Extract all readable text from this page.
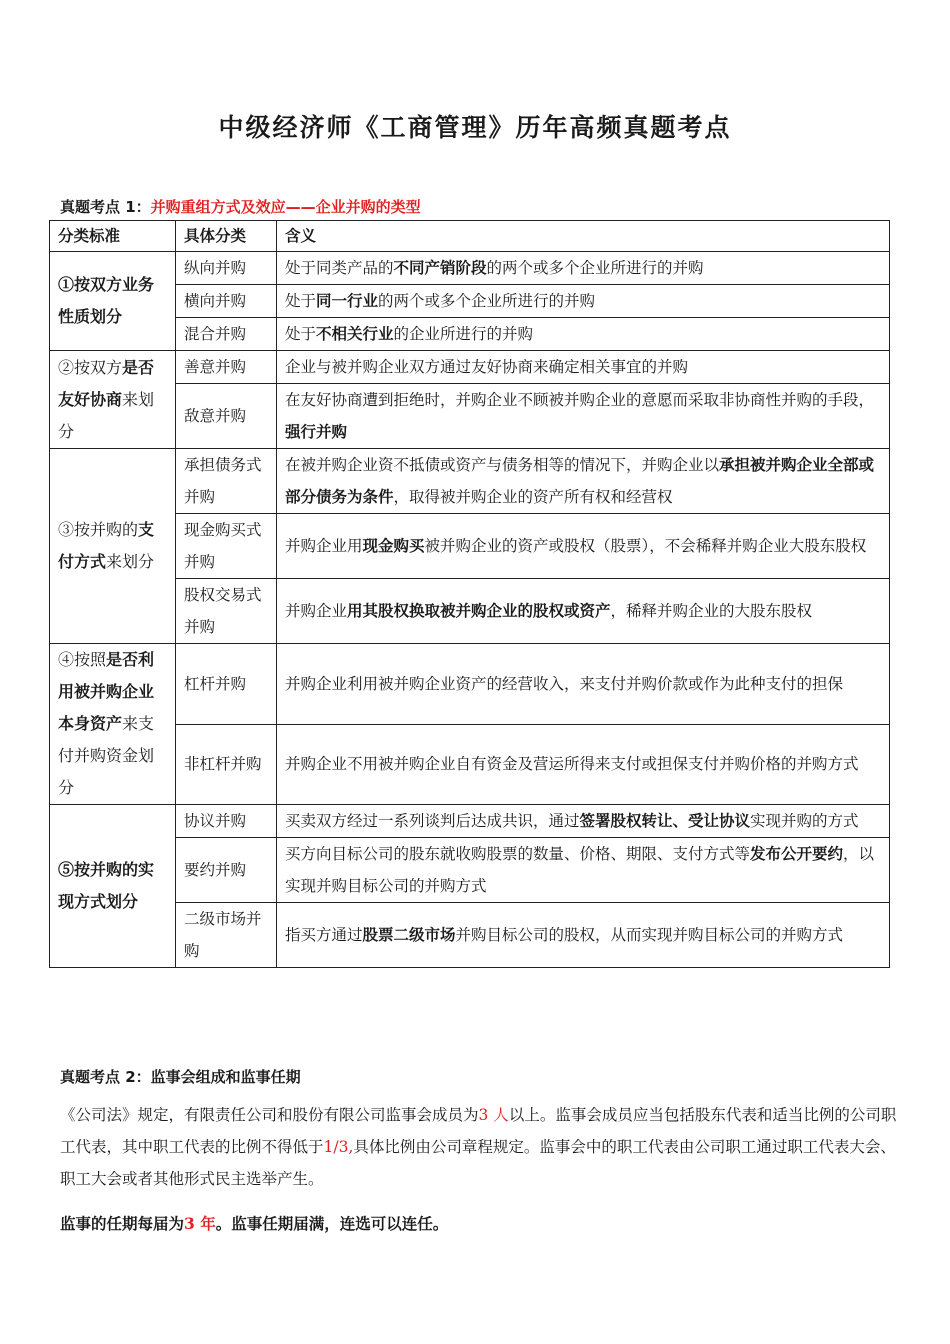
中级经济师《工商管理》历年高频真题考点
真题考点 1：并购重组方式及效应——企业并购的类型
分类标准	具体分类	含义
①按双方业务性质划分	纵向并购	处于同类产品的不同产销阶段的两个或多个企业所进行的并购
	横向并购	处于同一行业的两个或多个企业所进行的并购
	混合并购	处于不相关行业的企业所进行的并购
②按双方是否友好协商来划分	善意并购	企业与被并购企业双方通过友好协商来确定相关事宜的并购
	敌意并购	在友好协商遭到拒绝时，并购企业不顾被并购企业的意愿而采取非协商性并购的手段，强行并购
③按并购的支付方式来划分	承担债务式并购	在被并购企业资不抵债或资产与债务相等的情况下，并购企业以承担被并购企业全部或部分债务为条件，取得被并购企业的资产所有权和经营权
	现金购买式并购	并购企业用现金购买被并购企业的资产或股权（股票），不会稀释并购企业大股东股权
	股权交易式并购	并购企业用其股权换取被并购企业的股权或资产，稀释并购企业的大股东股权
④按照是否利用被并购企业本身资产来支付并购资金划分	杠杆并购	并购企业利用被并购企业资产的经营收入，来支付并购价款或作为此种支付的担保
	非杠杆并购	并购企业不用被并购企业自有资金及营运所得来支付或担保支付并购价格的并购方式
⑤按并购的实现方式划分	协议并购	买卖双方经过一系列谈判后达成共识，通过签署股权转让、受让协议实现并购的方式
	要约并购	买方向目标公司的股东就收购股票的数量、价格、期限、支付方式等发布公开要约，以实现并购目标公司的并购方式
	二级市场并购	指买方通过股票二级市场并购目标公司的股权，从而实现并购目标公司的并购方式
真题考点 2：监事会组成和监事任期
《公司法》规定，有限责任公司和股份有限公司监事会成员为3 人以上。监事会成员应当包括股东代表和适当比例的公司职工代表，其中职工代表的比例不得低于1/3,具体比例由公司章程规定。监事会中的职工代表由公司职工通过职工代表大会、职工大会或者其他形式民主选举产生。
监事的任期每届为3 年。监事任期届满，连选可以连任。
